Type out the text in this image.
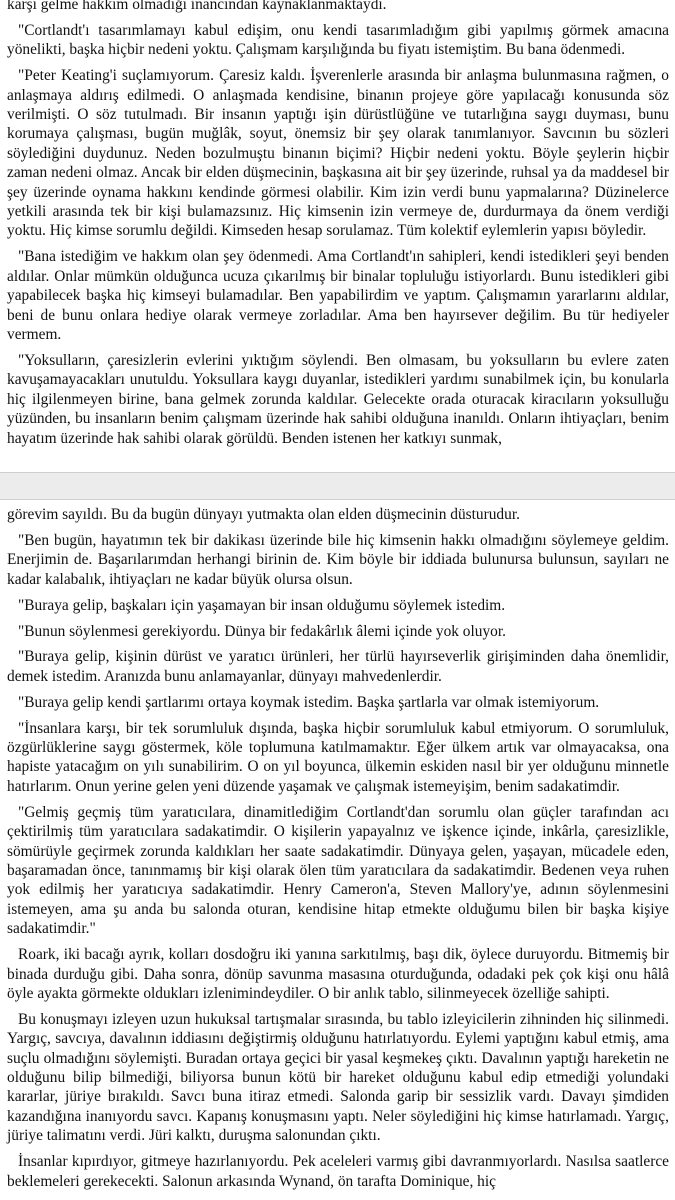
karşı gelme hakkım olmadığı inancından kaynaklanmaktaydı.

"Cortlandt'ı tasarımlamayı kabul edişim, onu kendi tasarımladığım gibi yapılmış görmek amacına yönelikti, başka hiçbir nedeni yoktu. Çalışmam karşılığında bu fiyatı istemiştim. Bu bana ödenmedi.

"Peter Keating'i suçlamıyorum. Çaresiz kaldı. İşverenlerle arasında bir anlaşma bulunmasına rağmen, o anlaşmaya aldırış edilmedi. O anlaşmada kendisine, binanın projeye göre yapılacağı konusunda söz verilmişti. O söz tutulmadı. Bir insanın yaptığı işin dürüstlüğüne ve tutarlığına saygı duyması, bunu korumaya çalışması, bugün muğlâk, soyut, önemsiz bir şey olarak tanımlanıyor. Savcının bu sözleri söylediğini duydunuz. Neden bozulmuştu binanın biçimi? Hiçbir nedeni yoktu. Böyle şeylerin hiçbir zaman nedeni olmaz. Ancak bir elden düşmecinin, başkasına ait bir şey üzerinde, ruhsal ya da maddesel bir şey üzerinde oynama hakkını kendinde görmesi olabilir. Kim izin verdi bunu yapmalarına? Düzinelerce yetkili arasında tek bir kişi bulamazsınız. Hiç kimsenin izin vermeye de, durdurmaya da önem verdiği yoktu. Hiç kimse sorumlu değildi. Kimseden hesap sorulamaz. Tüm kolektif eylemlerin yapısı böyledir.

"Bana istediğim ve hakkım olan şey ödenmedi. Ama Cortlandt'ın sahipleri, kendi istedikleri şeyi benden aldılar. Onlar mümkün olduğunca ucuza çıkarılmış bir binalar topluluğu istiyorlardı. Bunu istedikleri gibi yapabilecek başka hiç kimseyi bulamadılar. Ben yapabilirdim ve yaptım. Çalışmamın yararlarını aldılar, beni de bunu onlara hediye olarak vermeye zorladılar. Ama ben hayırsever değilim. Bu tür hediyeler vermem.

"Yoksulların, çaresizlerin evlerini yıktığım söylendi. Ben olmasam, bu yoksulların bu evlere zaten kavuşamayacakları unutuldu. Yoksullara kaygı duyanlar, istedikleri yardımı sunabilmek için, bu konularla hiç ilgilenmeyen birine, bana gelmek zorunda kaldılar. Gelecekte orada oturacak kiracıların yoksulluğu yüzünden, bu insanların benim çalışmam üzerinde hak sahibi olduğuna inanıldı. Onların ihtiyaçları, benim hayatım üzerinde hak sahibi olarak görüldü. Benden istenen her katkıyı sunmak,

görevim sayıldı. Bu da bugün dünyayı yutmakta olan elden düşmecinin düsturudur.

"Ben bugün, hayatımın tek bir dakikası üzerinde bile hiç kimsenin hakkı olmadığını söylemeye geldim. Enerjimin de. Başarılarımdan herhangi birinin de. Kim böyle bir iddiada bulunursa bulunsun, sayıları ne kadar kalabalık, ihtiyaçları ne kadar büyük olursa olsun.

"Buraya gelip, başkaları için yaşamayan bir insan olduğumu söylemek istedim.

"Bunun söylenmesi gerekiyordu. Dünya bir fedakârlık âlemi içinde yok oluyor.

"Buraya gelip, kişinin dürüst ve yaratıcı ürünleri, her türlü hayırseverlik girişiminden daha önemlidir, demek istedim. Aranızda bunu anlamayanlar, dünyayı mahvedenlerdir.

"Buraya gelip kendi şartlarımı ortaya koymak istedim. Başka şartlarla var olmak istemiyorum.

"İnsanlara karşı, bir tek sorumluluk dışında, başka hiçbir sorumluluk kabul etmiyorum. O sorumluluk, özgürlüklerine saygı göstermek, köle toplumuna katılmamaktır. Eğer ülkem artık var olmayacaksa, ona hapiste yatacağım on yılı sunabilirim. O on yıl boyunca, ülkemin eskiden nasıl bir yer olduğunu minnetle hatırlarım. Onun yerine gelen yeni düzende yaşamak ve çalışmak istemeyişim, benim sadakatimdir.

"Gelmiş geçmiş tüm yaratıcılara, dinamitlediğim Cortlandt'dan sorumlu olan güçler tarafından acı çektirilmiş tüm yaratıcılara sadakatimdir. O kişilerin yapayalnız ve işkence içinde, inkârla, çaresizlikle, sömürüyle geçirmek zorunda kaldıkları her saate sadakatimdir. Dünyaya gelen, yaşayan, mücadele eden, başaramadan önce, tanınmamış bir kişi olarak ölen tüm yaratıcılara da sadakatimdir. Bedenen veya ruhen yok edilmiş her yaratıcıya sadakatimdir. Henry Cameron'a, Steven Mallory'ye, adının söylenmesini istemeyen, ama şu anda bu salonda oturan, kendisine hitap etmekte olduğumu bilen bir başka kişiye sadakatimdir."

Roark, iki bacağı ayrık, kolları dosdoğru iki yanına sarkıtılmış, başı dik, öylece duruyordu. Bitmemiş bir binada durduğu gibi. Daha sonra, dönüp savunma masasına oturduğunda, odadaki pek çok kişi onu hâlâ öyle ayakta görmekte oldukları izlenimindeydiler. O bir anlık tablo, silinmeyecek özelliğe sahipti.

Bu konuşmayı izleyen uzun hukuksal tartışmalar sırasında, bu tablo izleyicilerin zihninden hiç silinmedi. Yargıç, savcıya, davalının iddiasını değiştirmiş olduğunu hatırlatıyordu. Eylemi yaptığını kabul etmiş, ama suçlu olmadığını söylemişti. Buradan ortaya geçici bir yasal keşmekeş çıktı. Davalının yaptığı hareketin ne olduğunu bilip bilmediği, biliyorsa bunun kötü bir hareket olduğunu kabul edip etmediği yolundaki kararlar, jüriye bırakıldı. Savcı buna itiraz etmedi. Salonda garip bir sessizlik vardı. Davayı şimdiden kazandığına inanıyordu savcı. Kapanış konuşmasını yaptı. Neler söylediğini hiç kimse hatırlamadı. Yargıç, jüriye talimatını verdi. Jüri kalktı, duruşma salonundan çıktı.

İnsanlar kıpırdıyor, gitmeye hazırlanıyordu. Pek aceleleri varmış gibi davranmıyorlardı. Nasılsa saatlerce beklemeleri gerekecekti. Salonun arkasında Wynand, ön tarafta Dominique, hiç
